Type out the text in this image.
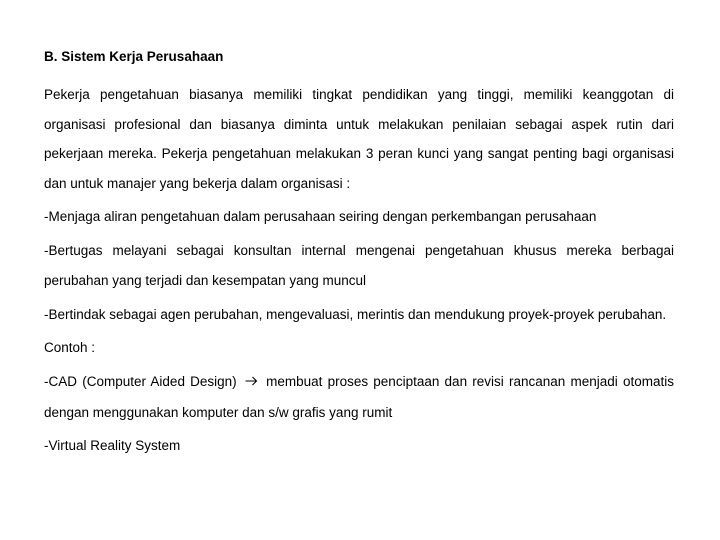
B. Sistem Kerja Perusahaan

Pekerja pengetahuan biasanya memiliki tingkat pendidikan yang tinggi, memiliki keanggotan di organisasi profesional dan biasanya diminta untuk melakukan penilaian sebagai aspek rutin dari pekerjaan mereka. Pekerja pengetahuan melakukan 3 peran kunci yang sangat penting bagi organisasi dan untuk manajer yang bekerja dalam organisasi :

-Menjaga aliran pengetahuan dalam perusahaan seiring dengan perkembangan perusahaan

-Bertugas melayani sebagai konsultan internal mengenai pengetahuan khusus mereka berbagai perubahan yang terjadi dan kesempatan yang muncul

-Bertindak sebagai agen perubahan, mengevaluasi, merintis dan mendukung proyek-proyek perubahan.

Contoh :

-CAD (Computer Aided Design) membuat proses penciptaan dan revisi rancanan menjadi otomatis dengan menggunakan komputer dan s/w grafis yang rumit

-Virtual Reality System
